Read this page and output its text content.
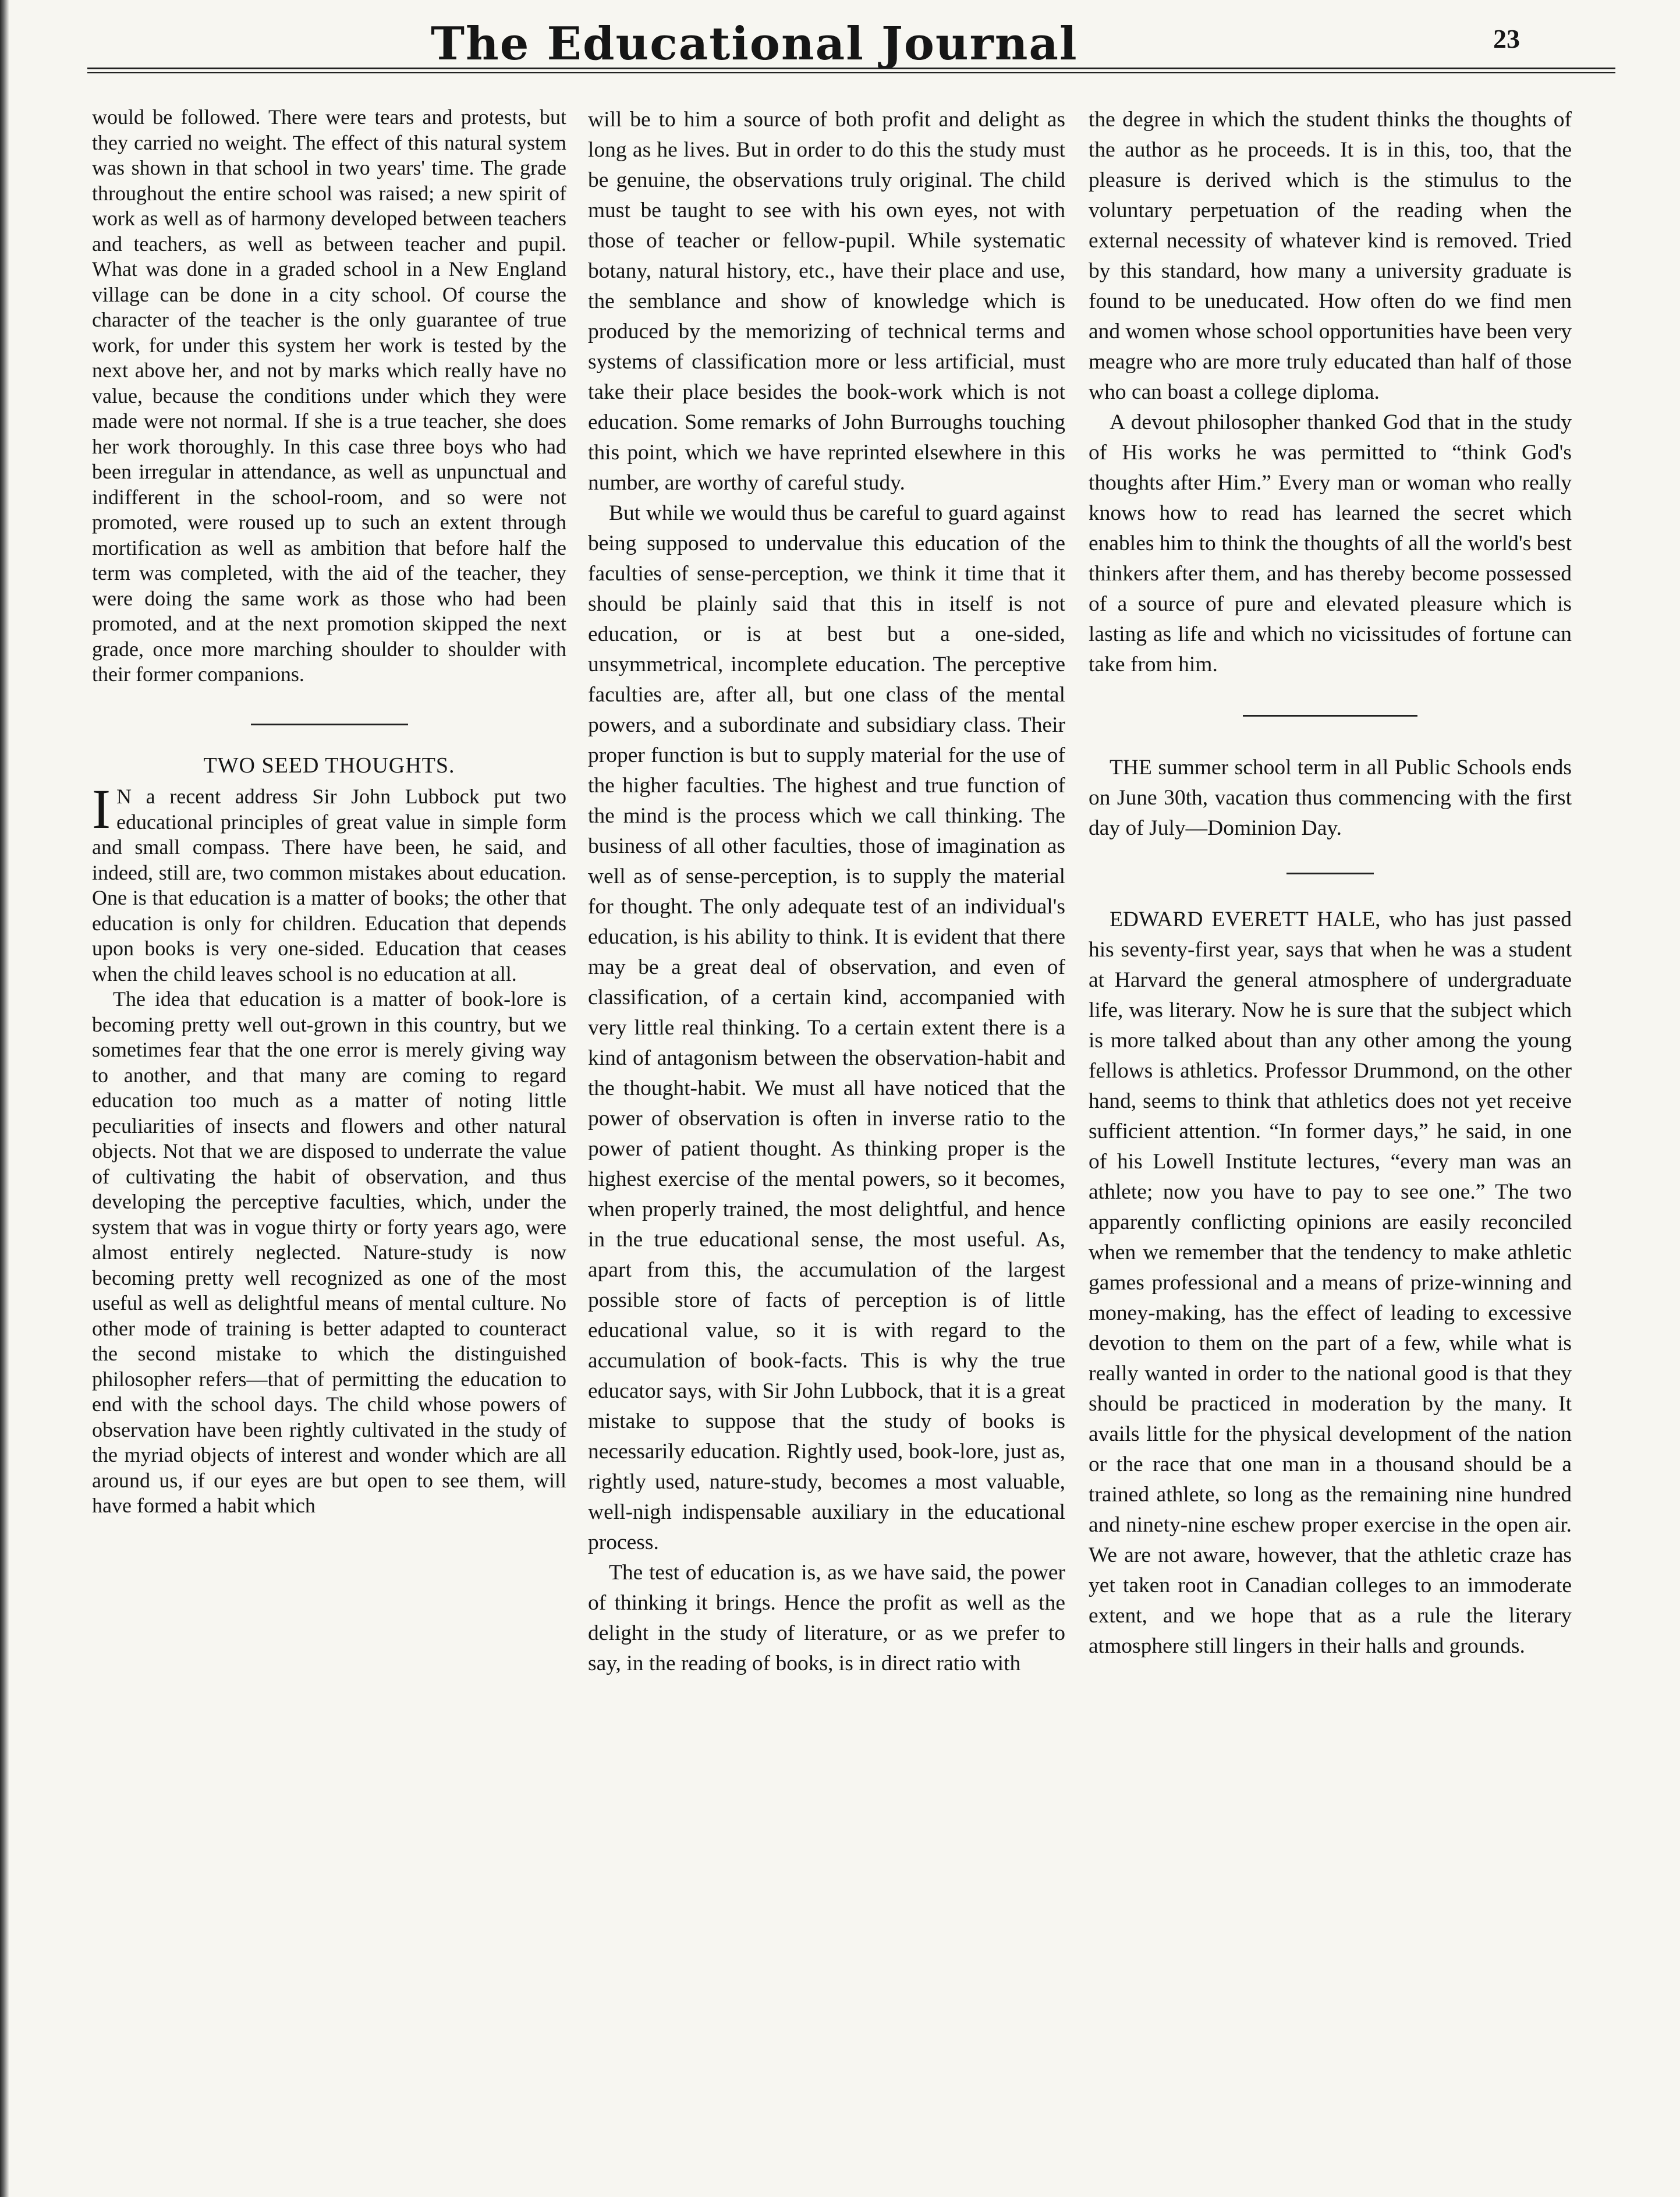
The Educational Journal	23

would be followed. There were tears and protests, but they carried no weight. The effect of this natural system was shown in that school in two years' time. The grade throughout the entire school was raised; a new spirit of work as well as of harmony developed between teachers and teachers, as well as between teacher and pupil. What was done in a graded school in a New England village can be done in a city school. Of course the character of the teacher is the only guarantee of true work, for under this system her work is tested by the next above her, and not by marks which really have no value, because the conditions under which they were made were not normal. If she is a true teacher, she does her work thoroughly. In this case three boys who had been irregular in attendance, as well as unpunctual and indifferent in the school-room, and so were not promoted, were roused up to such an extent through mortification as well as ambition that before half the term was completed, with the aid of the teacher, they were doing the same work as those who had been promoted, and at the next promotion skipped the next grade, once more marching shoulder to shoulder with their former companions.

TWO SEED THOUGHTS.

I N a recent address Sir John Lubbock put two educational principles of great value in simple form and small compass. There have been, he said, and indeed, still are, two common mistakes about education. One is that education is a matter of books; the other that education is only for children. Education that depends upon books is very one-sided. Education that ceases when the child leaves school is no education at all.

The idea that education is a matter of book-lore is becoming pretty well out-grown in this country, but we sometimes fear that the one error is merely giving way to another, and that many are coming to regard education too much as a matter of noting little peculiarities of insects and flowers and other natural objects. Not that we are disposed to underrate the value of cultivating the habit of observation, and thus developing the perceptive faculties, which, under the system that was in vogue thirty or forty years ago, were almost entirely neglected. Nature-study is now becoming pretty well recognized as one of the most useful as well as delightful means of mental culture. No other mode of training is better adapted to counteract the second mistake to which the distinguished philosopher refers—that of permitting the education to end with the school days. The child whose powers of observation have been rightly cultivated in the study of the myriad objects of interest and wonder which are all around us, if our eyes are but open to see them, will have formed a habit which

will be to him a source of both profit and delight as long as he lives. But in order to do this the study must be genuine, the observations truly original. The child must be taught to see with his own eyes, not with those of teacher or fellow-pupil. While systematic botany, natural history, etc., have their place and use, the semblance and show of knowledge which is produced by the memorizing of technical terms and systems of classification more or less artificial, must take their place besides the book-work which is not education. Some remarks of John Burroughs touching this point, which we have reprinted elsewhere in this number, are worthy of careful study.

But while we would thus be careful to guard against being supposed to undervalue this education of the faculties of sense-perception, we think it time that it should be plainly said that this in itself is not education, or is at best but a one-sided, unsymmetrical, incomplete education. The perceptive faculties are, after all, but one class of the mental powers, and a subordinate and subsidiary class. Their proper function is but to supply material for the use of the higher faculties. The highest and true function of the mind is the process which we call thinking. The business of all other faculties, those of imagination as well as of sense-perception, is to supply the material for thought. The only adequate test of an individual's education, is his ability to think. It is evident that there may be a great deal of observation, and even of classification, of a certain kind, accompanied with very little real thinking. To a certain extent there is a kind of antagonism between the observation-habit and the thought-habit. We must all have noticed that the power of observation is often in inverse ratio to the power of patient thought. As thinking proper is the highest exercise of the mental powers, so it becomes, when properly trained, the most delightful, and hence in the true educational sense, the most useful. As, apart from this, the accumulation of the largest possible store of facts of perception is of little educational value, so it is with regard to the accumulation of book-facts. This is why the true educator says, with Sir John Lubbock, that it is a great mistake to suppose that the study of books is necessarily education. Rightly used, book-lore, just as, rightly used, nature-study, becomes a most valuable, well-nigh indispensable auxiliary in the educational process.

The test of education is, as we have said, the power of thinking it brings. Hence the profit as well as the delight in the study of literature, or as we prefer to say, in the reading of books, is in direct ratio with

the degree in which the student thinks the thoughts of the author as he proceeds. It is in this, too, that the pleasure is derived which is the stimulus to the voluntary perpetuation of the reading when the external necessity of whatever kind is removed. Tried by this standard, how many a university graduate is found to be uneducated. How often do we find men and women whose school opportunities have been very meagre who are more truly educated than half of those who can boast a college diploma.

A devout philosopher thanked God that in the study of His works he was permitted to “think God's thoughts after Him.” Every man or woman who really knows how to read has learned the secret which enables him to think the thoughts of all the world's best thinkers after them, and has thereby become possessed of a source of pure and elevated pleasure which is lasting as life and which no vicissitudes of fortune can take from him.

THE summer school term in all Public Schools ends on June 30th, vacation thus commencing with the first day of July—Dominion Day.

EDWARD EVERETT HALE, who has just passed his seventy-first year, says that when he was a student at Harvard the general atmosphere of undergraduate life, was literary. Now he is sure that the subject which is more talked about than any other among the young fellows is athletics. Professor Drummond, on the other hand, seems to think that athletics does not yet receive sufficient attention. “In former days,” he said, in one of his Lowell Institute lectures, “every man was an athlete; now you have to pay to see one.” The two apparently conflicting opinions are easily reconciled when we remember that the tendency to make athletic games professional and a means of prize-winning and money-making, has the effect of leading to excessive devotion to them on the part of a few, while what is really wanted in order to the national good is that they should be practiced in moderation by the many. It avails little for the physical development of the nation or the race that one man in a thousand should be a trained athlete, so long as the remaining nine hundred and ninety-nine eschew proper exercise in the open air. We are not aware, however, that the athletic craze has yet taken root in Canadian colleges to an immoderate extent, and we hope that as a rule the literary atmosphere still lingers in their halls and grounds.
